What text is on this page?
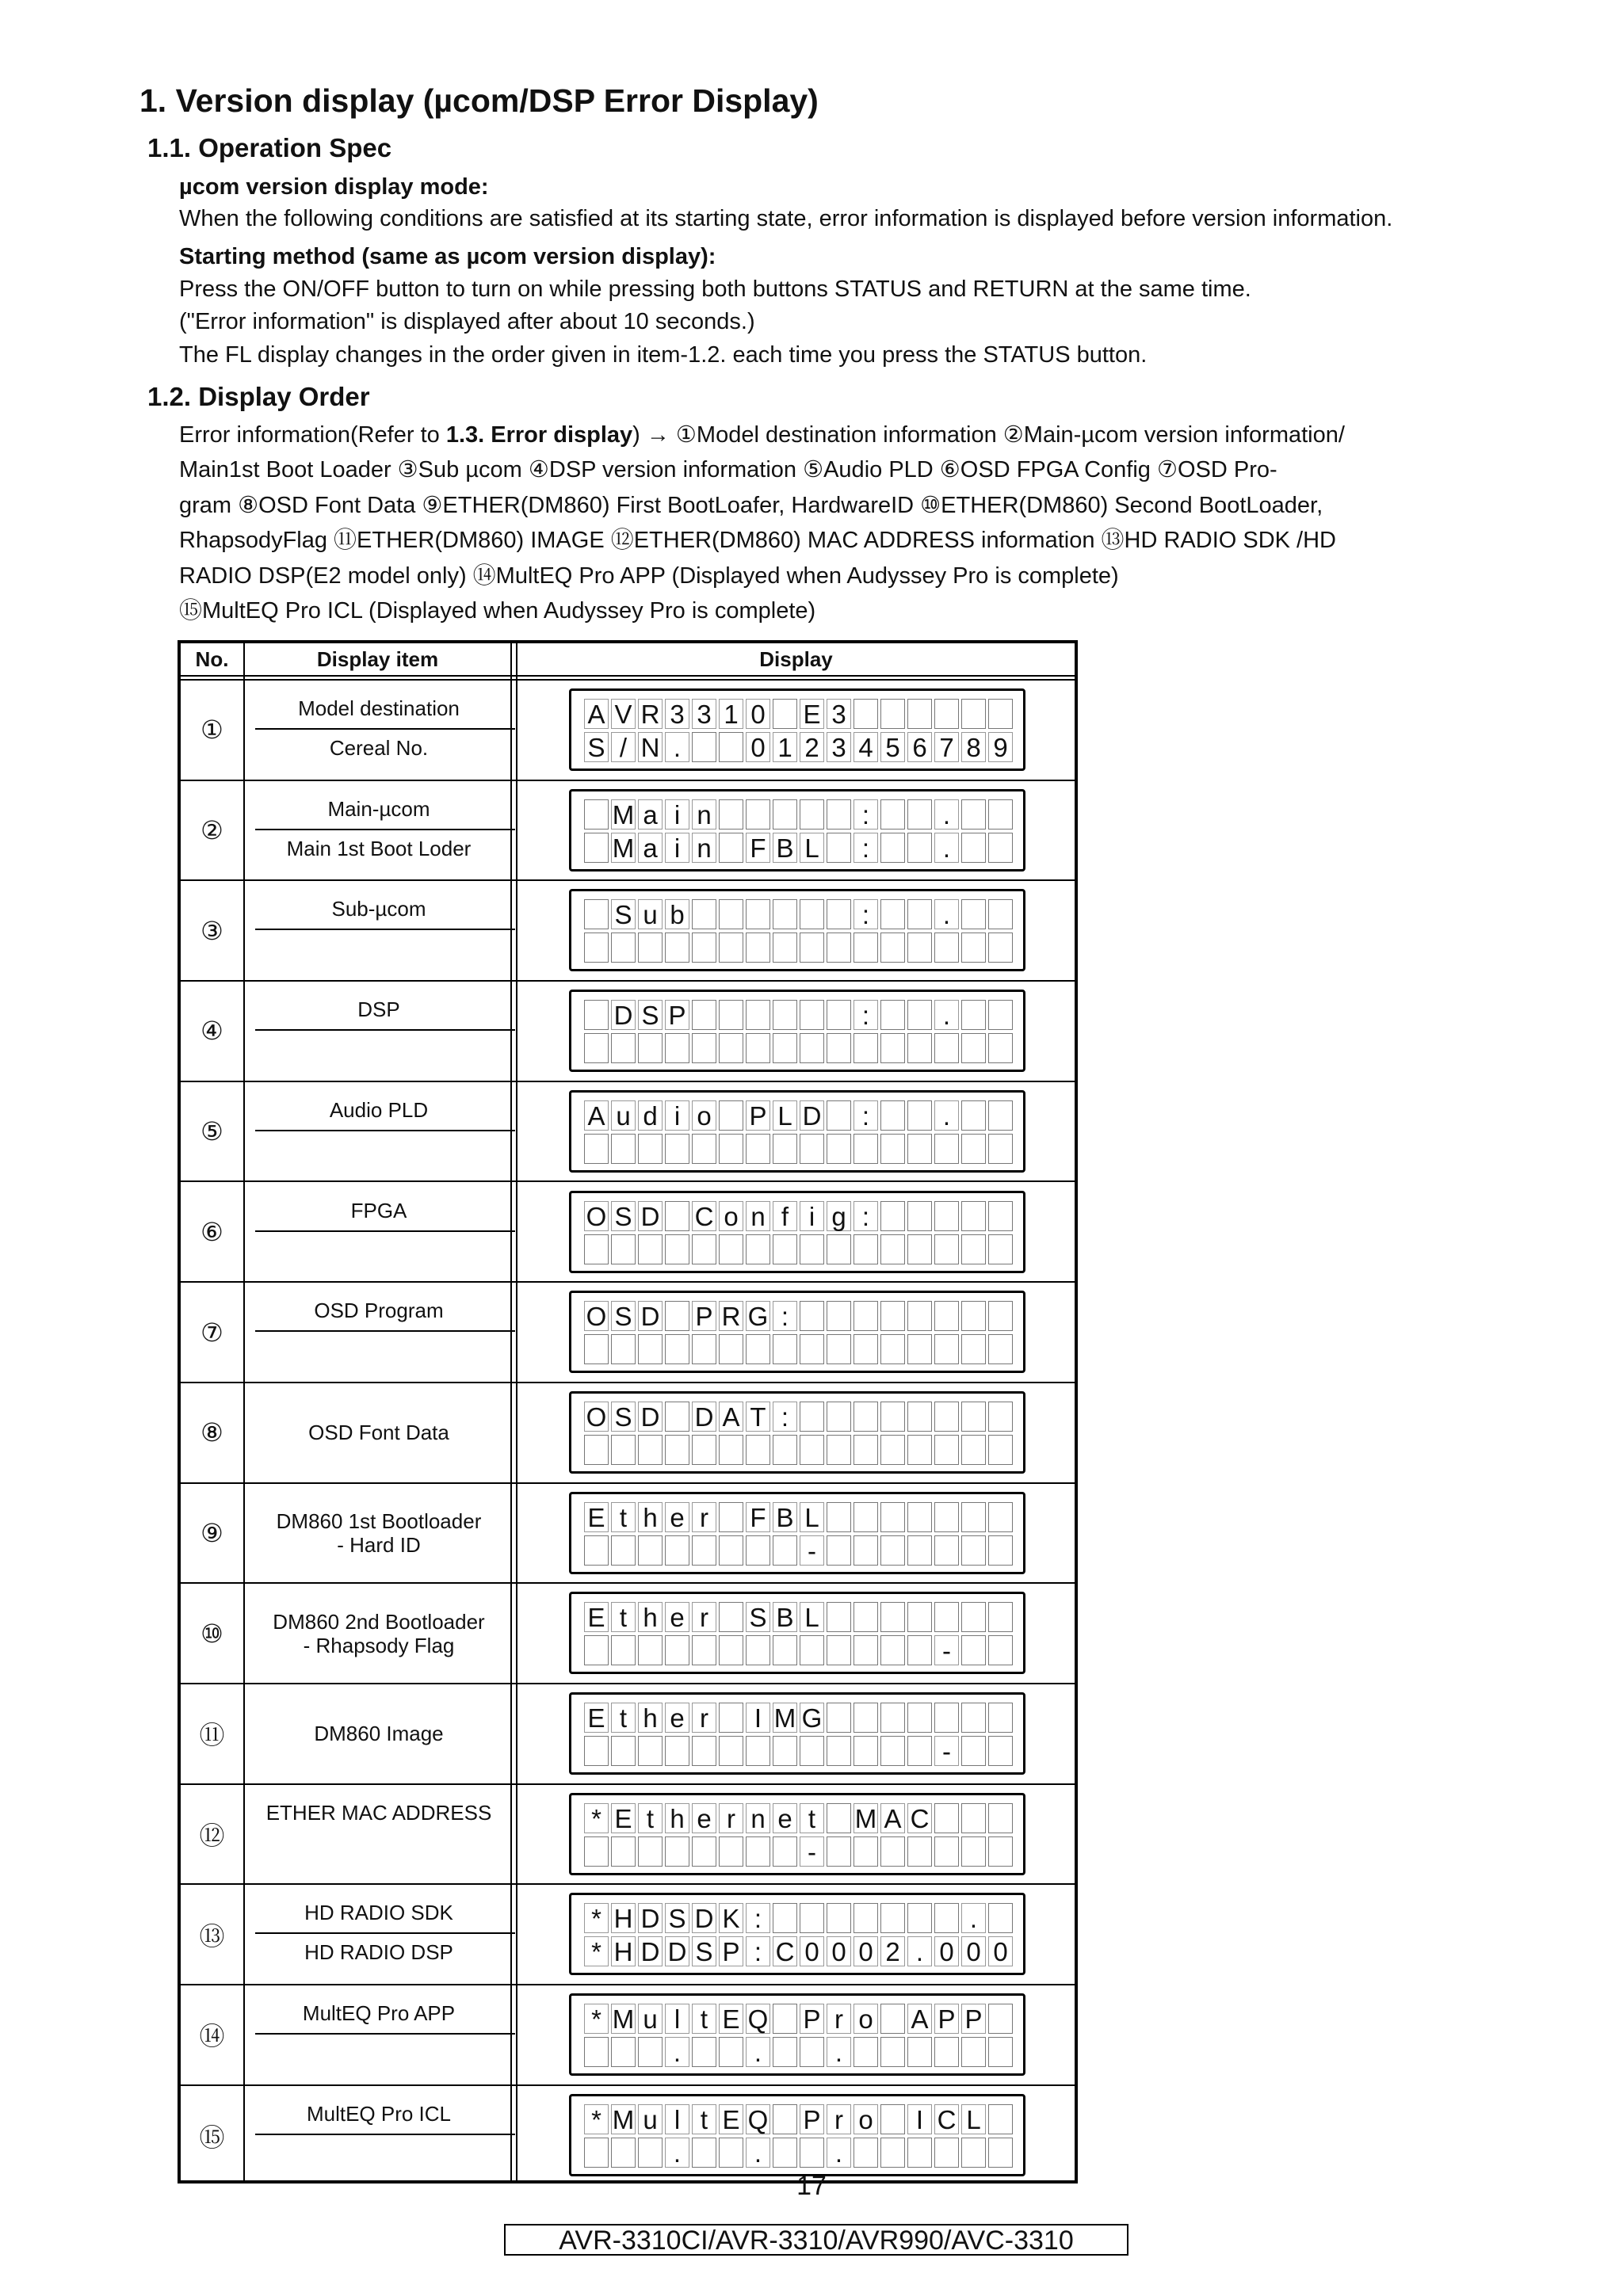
1. Version display (µcom/DSP Error Display)
1.1. Operation Spec
µcom version display mode:
When the following conditions are satisfied at its starting state, error information is displayed before version information.
Starting method (same as µcom version display):
Press the ON/OFF button to turn on while pressing both buttons STATUS and RETURN at the same time.
("Error information" is displayed after about 10 seconds.)
The FL display changes in the order given in item-1.2. each time you press the STATUS button.
1.2. Display Order
Error information(Refer to 1.3. Error display) → ①Model destination information ②Main-µcom version information/
Main1st Boot Loader ③Sub µcom ④DSP version information ⑤Audio PLD ⑥OSD FPGA Config ⑦OSD Pro-
gram ⑧OSD Font Data ⑨ETHER(DM860) First BootLoafer, HardwareID ⑩ETHER(DM860) Second BootLoader,
RhapsodyFlag ⑪ETHER(DM860) IMAGE ⑫ETHER(DM860) MAC ADDRESS information ⑬HD RADIO SDK /HD
RADIO DSP(E2 model only) ⑭MultEQ Pro APP (Displayed when Audyssey Pro is complete)
⑮MultEQ Pro ICL (Displayed when Audyssey Pro is complete)
No.	Display item	Display
①
Model destination
Cereal No.
A V R 3 3 1 0 E 3
S / N .	0 1 2 3 4 5 6 7 8 9
②
Main-µcom
Main 1st Boot Loder
M a i n	:	.
M a i n F B L	:	.
③
Sub-µcom	S u b	:	.
④
DSP	D S P	:	.
⑤
Audio PLD	A u d i o P L D	:	.
⑥
FPGA	O S D C o n f i g :
⑦
OSD Program	O S D P R G :
⑧	OSD Font Data
O S D D A T :
⑨	DM860 1st Bootloader
- Hard ID
E t h e r	F B L
-
⑩	DM860 2nd Bootloader
- Rhapsody Flag
E t h e r	S B L
-
⑪	DM860 Image
E t h e r	I M G
-
⑫
ETHER MAC ADDRESS	* E t h e r n e t	M A C
-
⑬
HD RADIO SDK
HD RADIO DSP
* H D S D K :	.
* H D D S P : C 0 0 0 2 . 0 0 0
⑭
MultEQ Pro APP	* M u l t E Q P r o A P P
.	.	.
⑮
MultEQ Pro ICL	* M u l t E Q P r o	I C L
.	.	.
17
AVR-3310CI/AVR-3310/AVR990/AVC-3310
